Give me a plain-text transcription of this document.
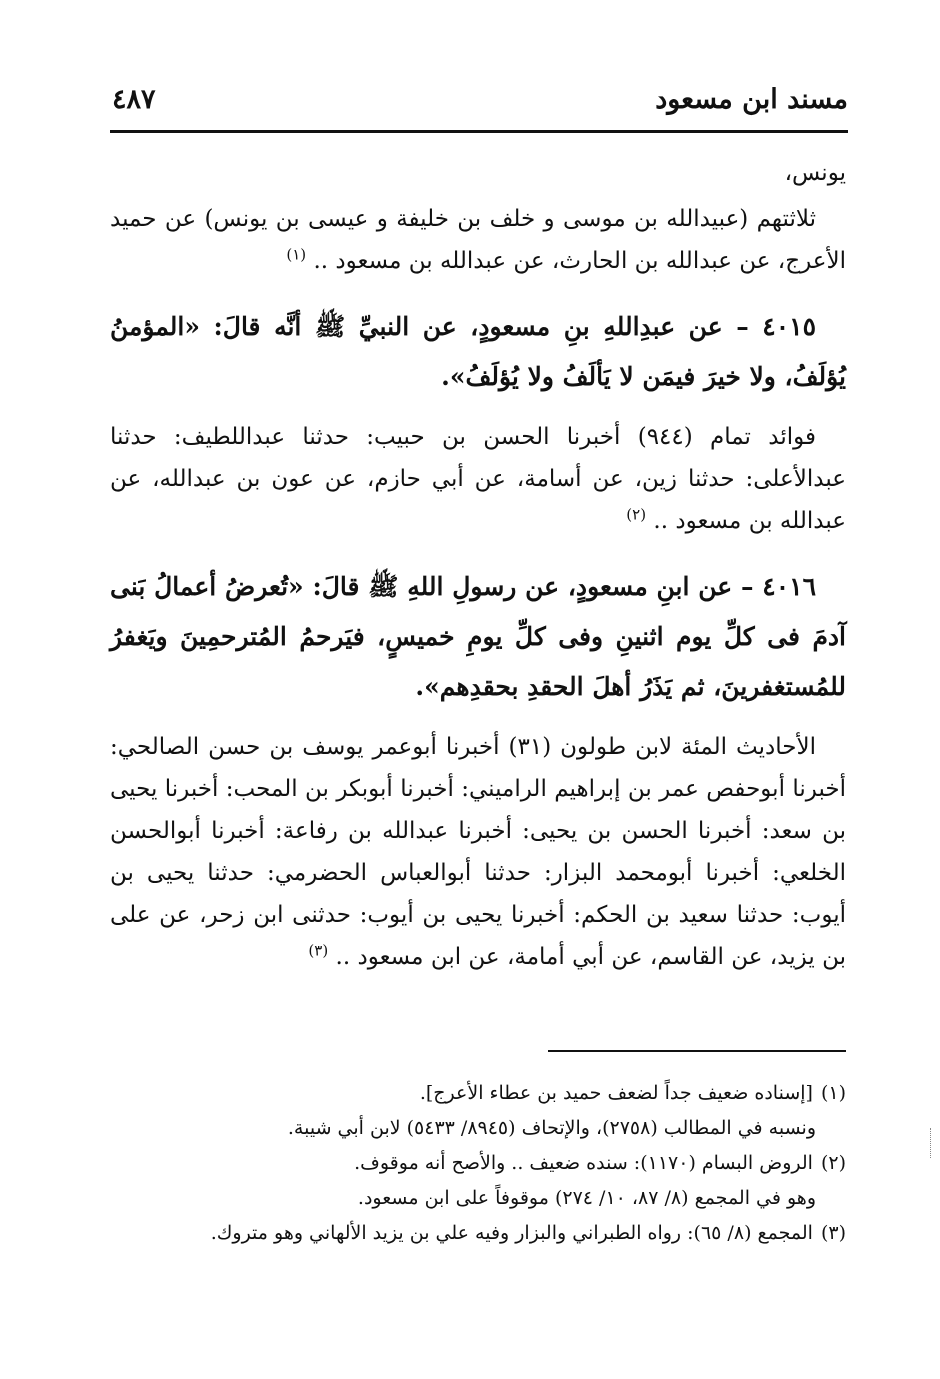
مسند ابن مسعود
٤٨٧

يونس،

ثلاثتهم (عبيدالله بن موسى و خلف بن خليفة و عيسى بن يونس) عن حميد الأعرج، عن عبدالله بن الحارث، عن عبدالله بن مسعود .. $^{(١)}$

٤٠١٥ – عن عبدِاللهِ بنِ مسعودٍ، عن النبيِّ ﷺ أنَّه قالَ: «المؤمنُ يُؤلَفُ، ولا خيرَ فيمَن لا يَألَفُ ولا يُؤلَفُ».

فوائد تمام (٩٤٤) أخبرنا الحسن بن حبيب: حدثنا عبداللطيف: حدثنا عبدالأعلى: حدثنا زين، عن أسامة، عن أبي حازم، عن عون بن عبدالله، عن عبدالله بن مسعود .. $^{(٢)}$

٤٠١٦ – عن ابنِ مسعودٍ، عن رسولِ اللهِ ﷺ قالَ: «تُعرضُ أعمالُ بَنى آدمَ فى كلِّ يوم اثنينِ وفى كلِّ يومِ خميسٍ، فيَرحمُ المُترحمِينَ ويَغفرُ للمُستغفرينَ، ثم يَذَرُ أهلَ الحقدِ بحقدِهم».

الأحاديث المئة لابن طولون (٣١) أخبرنا أبوعمر يوسف بن حسن الصالحي: أخبرنا أبوحفص عمر بن إبراهيم الراميني: أخبرنا أبوبكر بن المحب: أخبرنا يحيى بن سعد: أخبرنا الحسن بن يحيى: أخبرنا عبدالله بن رفاعة: أخبرنا أبوالحسن الخلعي: أخبرنا أبومحمد البزار: حدثنا أبوالعباس الحضرمي: حدثنا يحيى بن أيوب: حدثنا سعيد بن الحكم: أخبرنا يحيى بن أيوب: حدثنى ابن زحر، عن على بن يزيد، عن القاسم، عن أبي أمامة، عن ابن مسعود .. $^{(٣)}$

(١)[إسناده ضعيف جداً لضعف حميد بن عطاء الأعرج].

ونسبه في المطالب (٢٧٥٨)، والإتحاف (٨٩٤٥/ ٥٤٣٣) لابن أبي شيبة.

(٢)الروض البسام (١١٧٠): سنده ضعيف .. والأصح أنه موقوف.

وهو في المجمع (٨/ ٨٧، ١٠/ ٢٧٤) موقوفاً على ابن مسعود.

(٣)المجمع (٨/ ٦٥): رواه الطبراني والبزار وفيه علي بن يزيد الألهاني وهو متروك.
